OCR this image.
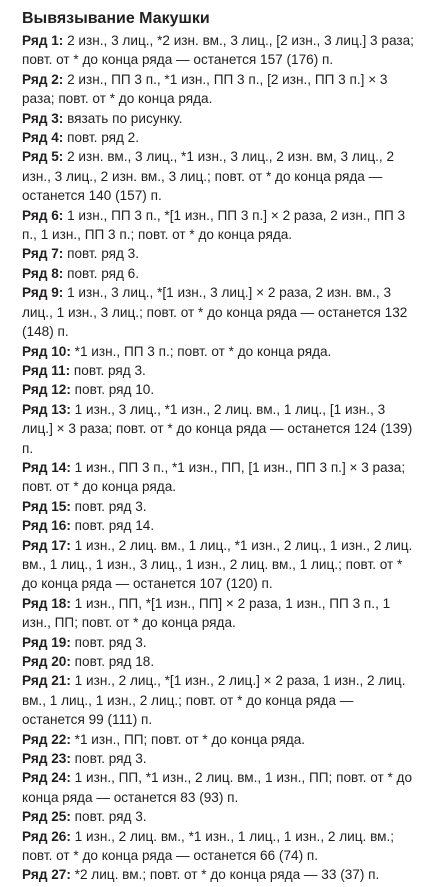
Вывязывание Макушки

Ряд 1: 2 изн., 3 лиц., *2 изн. вм., 3 лиц., [2 изн., 3 лиц.] 3 раза; повт. от * до конца ряда — останется 157 (176) п.

Ряд 2: 2 изн., ПП 3 п., *1 изн., ПП 3 п., [2 изн., ПП 3 п.] × 3 раза; повт. от * до конца ряда.

Ряд 3: вязать по рисунку.

Ряд 4: повт. ряд 2.

Ряд 5: 2 изн. вм., 3 лиц., *1 изн., 3 лиц., 2 изн. вм, 3 лиц., 2 изн., 3 лиц., 2 изн. вм., 3 лиц.; повт. от * до конца ряда — останется 140 (157) п.

Ряд 6: 1 изн., ПП 3 п., *[1 изн., ПП 3 п.] × 2 раза, 2 изн., ПП 3 п., 1 изн., ПП 3 п.; повт. от * до конца ряда.

Ряд 7: повт. ряд 3.

Ряд 8: повт. ряд 6.

Ряд 9: 1 изн., 3 лиц., *[1 изн., 3 лиц.] × 2 раза, 2 изн. вм., 3 лиц., 1 изн., 3 лиц.; повт. от * до конца ряда — останется 132 (148) п.

Ряд 10: *1 изн., ПП 3 п.; повт. от * до конца ряда.

Ряд 11: повт. ряд 3.

Ряд 12: повт. ряд 10.

Ряд 13: 1 изн., 3 лиц., *1 изн., 2 лиц. вм., 1 лиц., [1 изн., 3 лиц.] × 3 раза; повт. от * до конца ряда — останется 124 (139) п.

Ряд 14: 1 изн., ПП 3 п., *1 изн., ПП, [1 изн., ПП 3 п.] × 3 раза; повт. от * до конца ряда.

Ряд 15: повт. ряд 3.

Ряд 16: повт. ряд 14.

Ряд 17: 1 изн., 2 лиц. вм., 1 лиц., *1 изн., 2 лиц., 1 изн., 2 лиц. вм., 1 лиц., 1 изн., 3 лиц., 1 изн., 2 лиц. вм., 1 лиц.; повт. от * до конца ряда — останется 107 (120) п.

Ряд 18: 1 изн., ПП, *[1 изн., ПП] × 2 раза, 1 изн., ПП 3 п., 1 изн., ПП; повт. от * до конца ряда.

Ряд 19: повт. ряд 3.

Ряд 20: повт. ряд 18.

Ряд 21: 1 изн., 2 лиц., *[1 изн., 2 лиц.] × 2 раза, 1 изн., 2 лиц. вм., 1 лиц., 1 изн., 2 лиц.; повт. от * до конца ряда — останется 99 (111) п.

Ряд 22: *1 изн., ПП; повт. от * до конца ряда.

Ряд 23: повт. ряд 3.

Ряд 24: 1 изн., ПП, *1 изн., 2 лиц. вм., 1 изн., ПП; повт. от * до конца ряда — останется 83 (93) п.

Ряд 25: повт. ряд 3.

Ряд 26: 1 изн., 2 лиц. вм., *1 изн., 1 лиц., 1 изн., 2 лиц. вм.; повт. от * до конца ряда — останется 66 (74) п.

Ряд 27: *2 лиц. вм.; повт. от * до конца ряда — 33 (37) п.
